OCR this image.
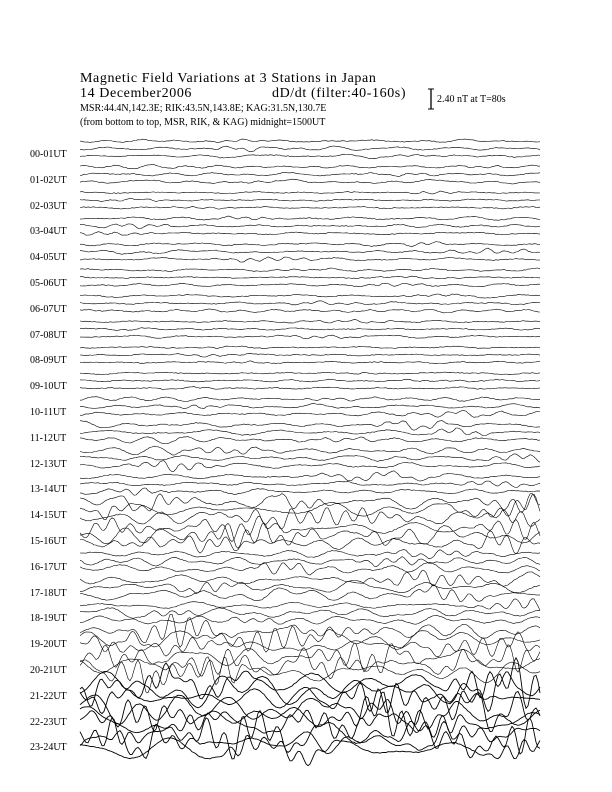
Magnetic Field Variations at 3 Stations in Japan
14 December2006	dD/dt (filter:40-160s)
MSR:44.4N,142.3E; RIK:43.5N,143.8E; KAG:31.5N,130.7E
(from bottom to top, MSR, RIK, & KAG) midnight=1500UT
2.40 nT at T=80s
00-01UT
01-02UT
02-03UT
03-04UT
04-05UT
05-06UT
06-07UT
07-08UT
08-09UT
09-10UT
10-11UT
11-12UT
12-13UT
13-14UT
14-15UT
15-16UT
16-17UT
17-18UT
18-19UT
19-20UT
20-21UT
21-22UT
22-23UT
23-24UT
